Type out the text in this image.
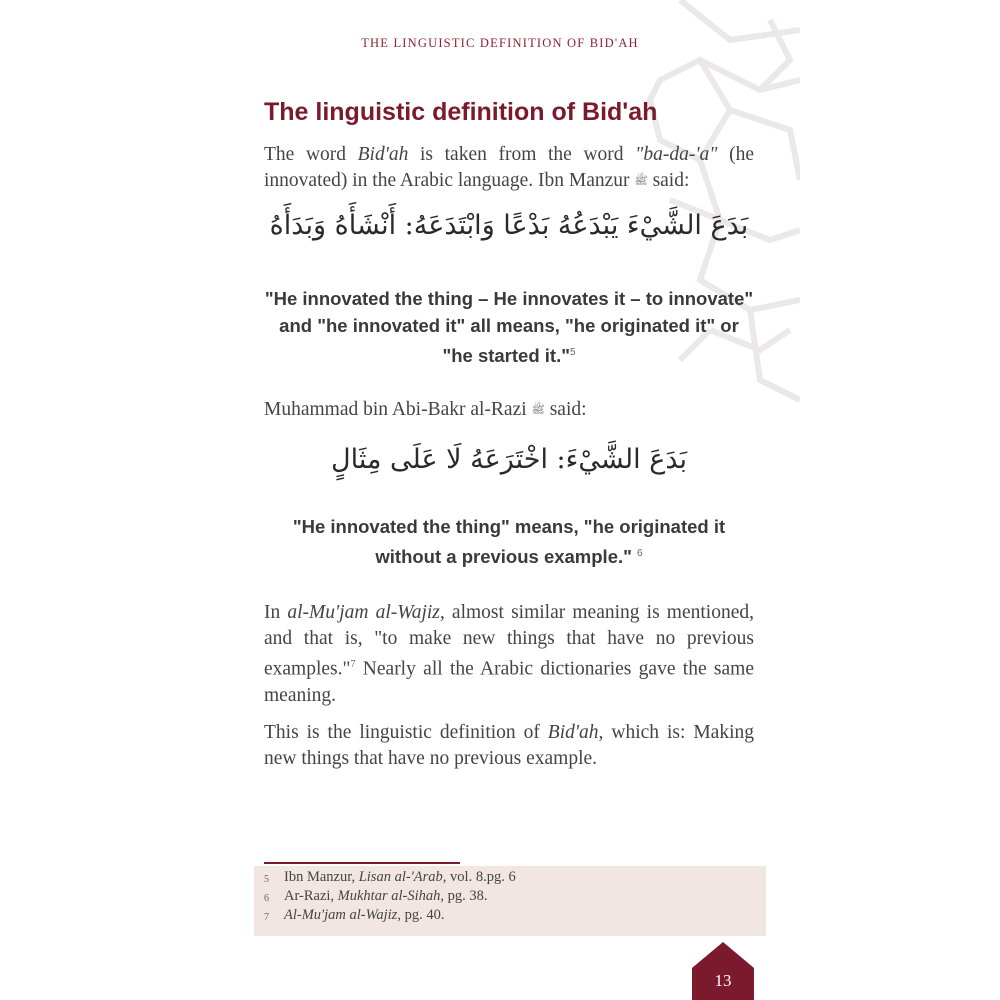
THE LINGUISTIC DEFINITION OF BID'AH
The linguistic definition of Bid'ah

The word Bid'ah is taken from the word "ba-da-'a" (he innovated) in the Arabic language. Ibn Manzur ﷺ said:

بَدَعَ الشَّيْءَ يَبْدَعُهُ بَدْعًا وَابْتَدَعَهُ: أَنْشَأَهُ وَبَدَأَهُ

"He innovated the thing – He innovates it – to innovate" and "he innovated it" all means, "he originated it" or "he started it."$^5$

Muhammad bin Abi-Bakr al-Razi ﷺ said:

بَدَعَ الشَّيْءَ: اخْتَرَعَهُ لَا عَلَى مِثَالٍ

"He innovated the thing" means, "he originated it without a previous example." $^6$

In al-Mu'jam al-Wajiz, almost similar meaning is mentioned, and that is, "to make new things that have no previous examples."$^7$ Nearly all the Arabic dictionaries gave the same meaning.

This is the linguistic definition of Bid'ah, which is: Making new things that have no previous example.

5 Ibn Manzur, Lisan al-'Arab, vol. 8.pg. 6
6 Ar-Razi, Mukhtar al-Sihah, pg. 38.
7 Al-Mu'jam al-Wajiz, pg. 40.
13
